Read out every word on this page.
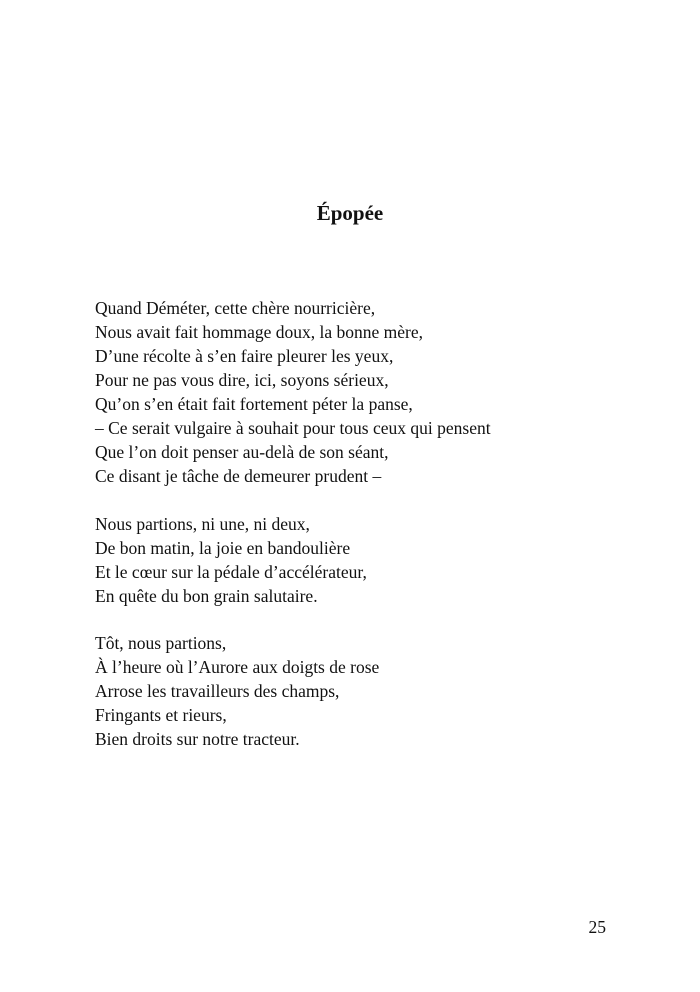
Épopée
Quand Déméter, cette chère nourricière,
Nous avait fait hommage doux, la bonne mère,
D’une récolte à s’en faire pleurer les yeux,
Pour ne pas vous dire, ici, soyons sérieux,
Qu’on s’en était fait fortement péter la panse,
– Ce serait vulgaire à souhait pour tous ceux qui pensent
Que l’on doit penser au-delà de son séant,
Ce disant je tâche de demeurer prudent –
Nous partions, ni une, ni deux,
De bon matin, la joie en bandoulière
Et le cœur sur la pédale d’accélérateur,
En quête du bon grain salutaire.
Tôt, nous partions,
À l’heure où l’Aurore aux doigts de rose
Arrose les travailleurs des champs,
Fringants et rieurs,
Bien droits sur notre tracteur.
25
